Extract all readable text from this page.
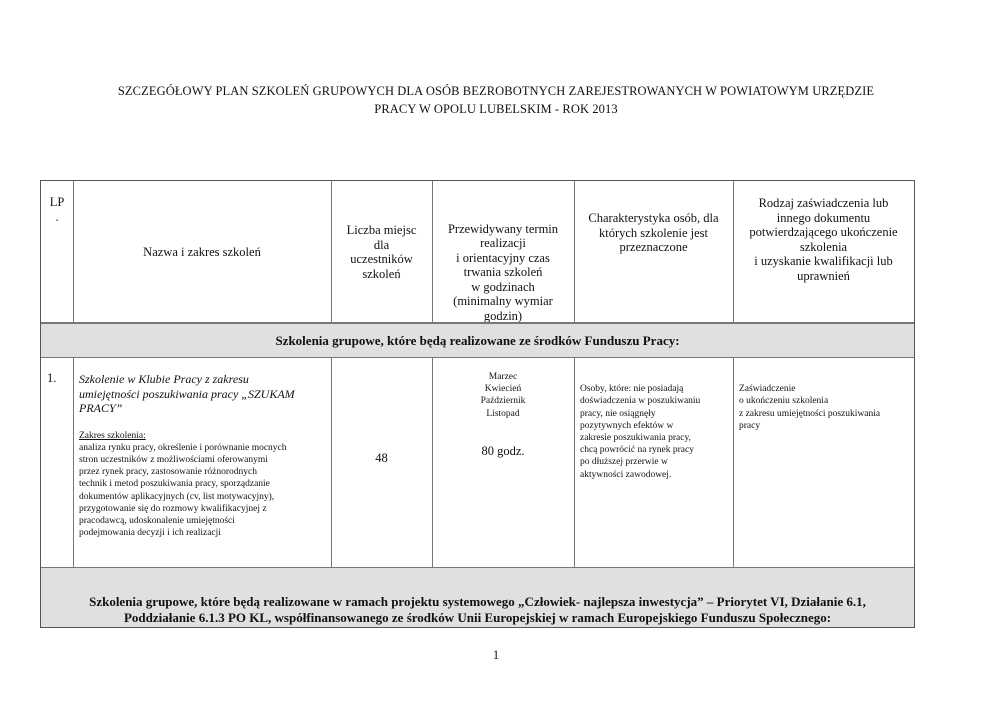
SZCZEGÓŁOWY PLAN SZKOLEŃ GRUPOWYCH DLA OSÓB BEZROBOTNYCH ZAREJESTROWANYCH W POWIATOWYM URZĘDZIE
PRACY W OPOLU LUBELSKIM - ROK 2013
LP
.
Nazwa i zakres szkoleń
Liczba miejsc
dla
uczestników
szkoleń
Przewidywany termin
realizacji
i orientacyjny czas
trwania szkoleń
w godzinach
(minimalny wymiar
godzin)
Charakterystyka osób, dla
których szkolenie jest
przeznaczone
Rodzaj zaświadczenia lub
innego dokumentu
potwierdzającego ukończenie
szkolenia
i uzyskanie kwalifikacji lub
uprawnień
Szkolenia grupowe, które będą realizowane ze środków Funduszu Pracy:
1.	Szkolenie w Klubie Pracy z zakresu
umiejętności poszukiwania pracy „SZUKAM
PRACY”
Zakres szkolenia:
analiza rynku pracy, określenie i porównanie mocnych
stron uczestników z możliwościami oferowanymi
przez rynek pracy, zastosowanie różnorodnych
technik i metod poszukiwania pracy, sporządzanie
dokumentów aplikacyjnych (cv, list motywacyjny),
przygotowanie się do rozmowy kwalifikacyjnej z
pracodawcą, udoskonalenie umiejętności
podejmowania decyzji i ich realizacji
48
Marzec
Kwiecień
Październik
Listopad
80 godz.

Osoby, które: nie posiadają
doświadczenia w poszukiwaniu
pracy, nie osiągnęły
pozytywnych efektów w
zakresie poszukiwania pracy,
chcą powrócić na rynek pracy
po dłuższej przerwie w
aktywności zawodowej.

Zaświadczenie
o ukończeniu szkolenia
z zakresu umiejętności poszukiwania
pracy

Szkolenia grupowe, które będą realizowane w ramach projektu systemowego „Człowiek- najlepsza inwestycja” – Priorytet VI, Działanie 6.1,
Poddziałanie 6.1.3 PO KL, współfinansowanego ze środków Unii Europejskiej w ramach Europejskiego Funduszu Społecznego:

1
